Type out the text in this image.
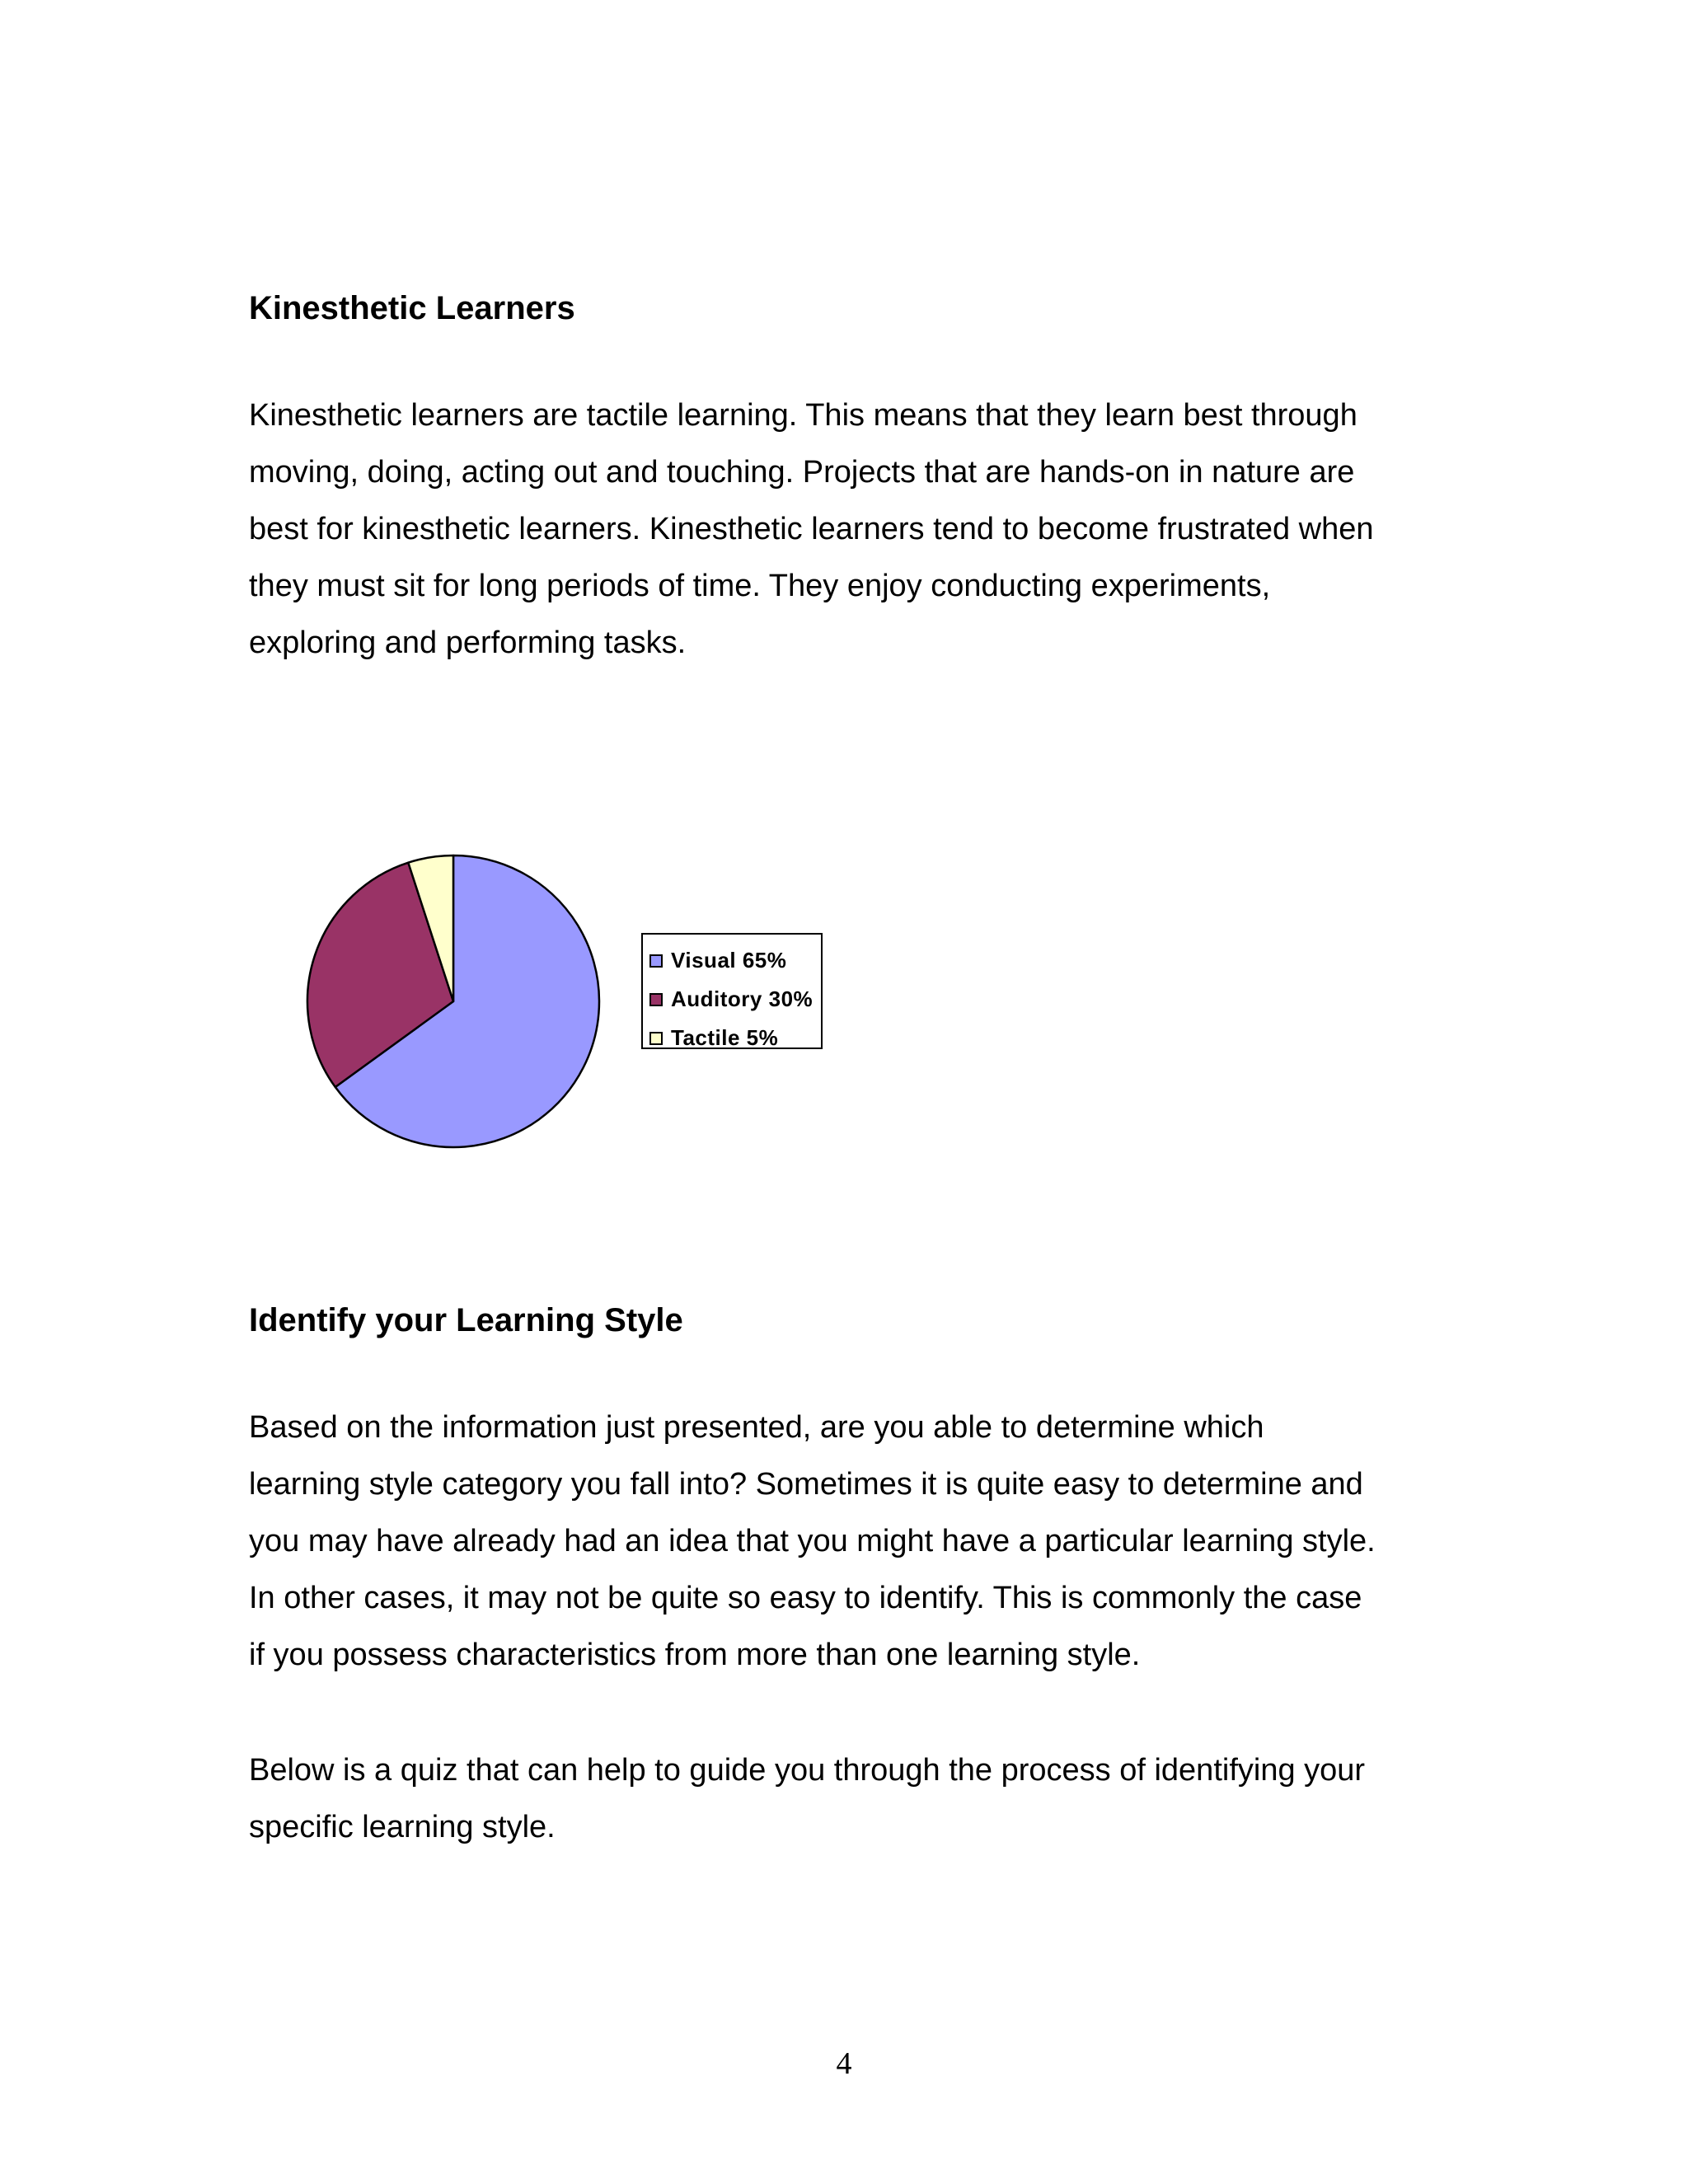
Kinesthetic Learners

Kinesthetic learners are tactile learning. This means that they learn best through
moving, doing, acting out and touching. Projects that are hands-on in nature are
best for kinesthetic learners. Kinesthetic learners tend to become frustrated when
they must sit for long periods of time. They enjoy conducting experiments,
exploring and performing tasks.

Visual 65%
Auditory 30%
Tactile 5%
Identify your Learning Style

Based on the information just presented, are you able to determine which
learning style category you fall into? Sometimes it is quite easy to determine and
you may have already had an idea that you might have a particular learning style.
In other cases, it may not be quite so easy to identify. This is commonly the case
if you possess characteristics from more than one learning style.

Below is a quiz that can help to guide you through the process of identifying your
specific learning style.

4
